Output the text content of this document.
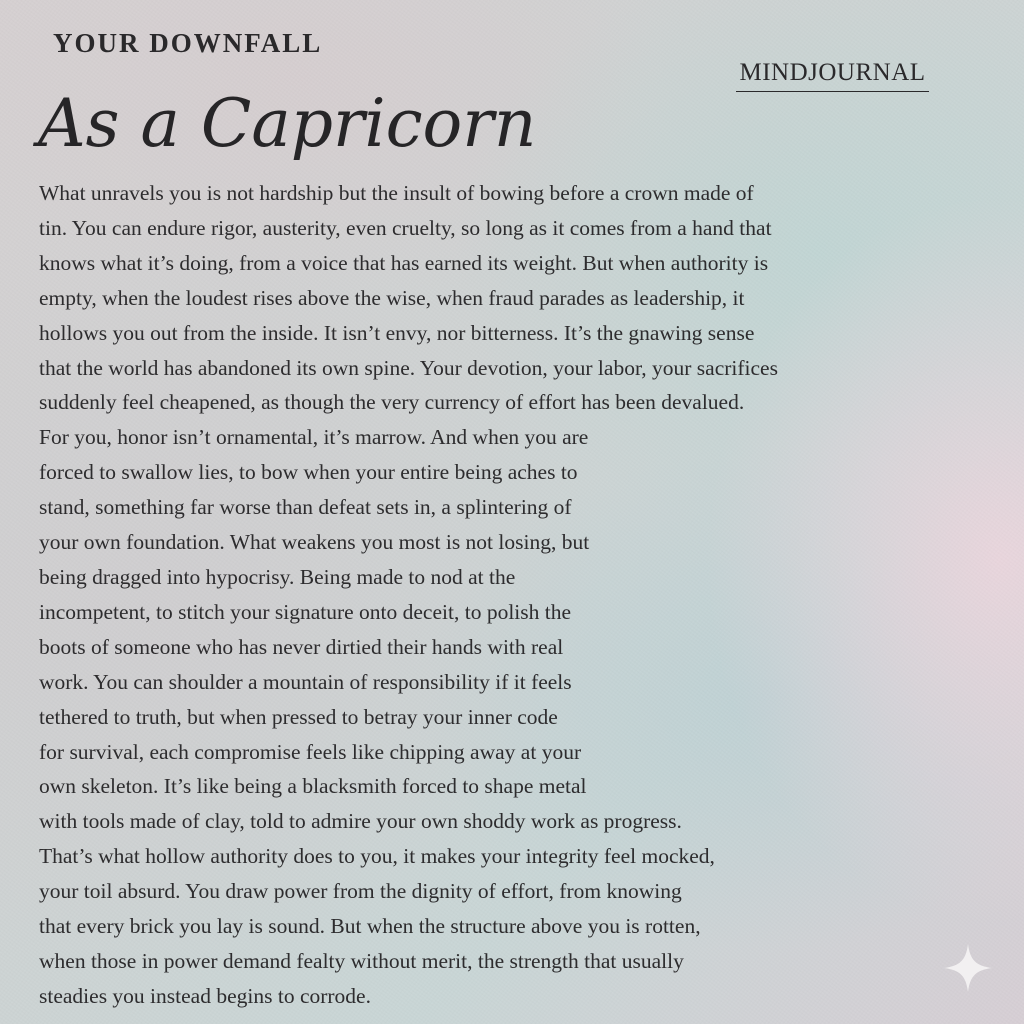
YOUR DOWNFALL
MINDJOURNAL
As a Capricorn
What unravels you is not hardship but the insult of bowing before a crown made of
tin. You can endure rigor, austerity, even cruelty, so long as it comes from a hand that
knows what it’s doing, from a voice that has earned its weight. But when authority is
empty, when the loudest rises above the wise, when fraud parades as leadership, it
hollows you out from the inside. It isn’t envy, nor bitterness. It’s the gnawing sense
that the world has abandoned its own spine. Your devotion, your labor, your sacrifices
suddenly feel cheapened, as though the very currency of effort has been devalued.
For you, honor isn’t ornamental, it’s marrow. And when you are
forced to swallow lies, to bow when your entire being aches to
stand, something far worse than defeat sets in, a splintering of
your own foundation. What weakens you most is not losing, but
being dragged into hypocrisy. Being made to nod at the
incompetent, to stitch your signature onto deceit, to polish the
boots of someone who has never dirtied their hands with real
work. You can shoulder a mountain of responsibility if it feels
tethered to truth, but when pressed to betray your inner code
for survival, each compromise feels like chipping away at your
own skeleton. It’s like being a blacksmith forced to shape metal
with tools made of clay, told to admire your own shoddy work as progress.
That’s what hollow authority does to you, it makes your integrity feel mocked,
your toil absurd. You draw power from the dignity of effort, from knowing
that every brick you lay is sound. But when the structure above you is rotten,
when those in power demand fealty without merit, the strength that usually
steadies you instead begins to corrode.
